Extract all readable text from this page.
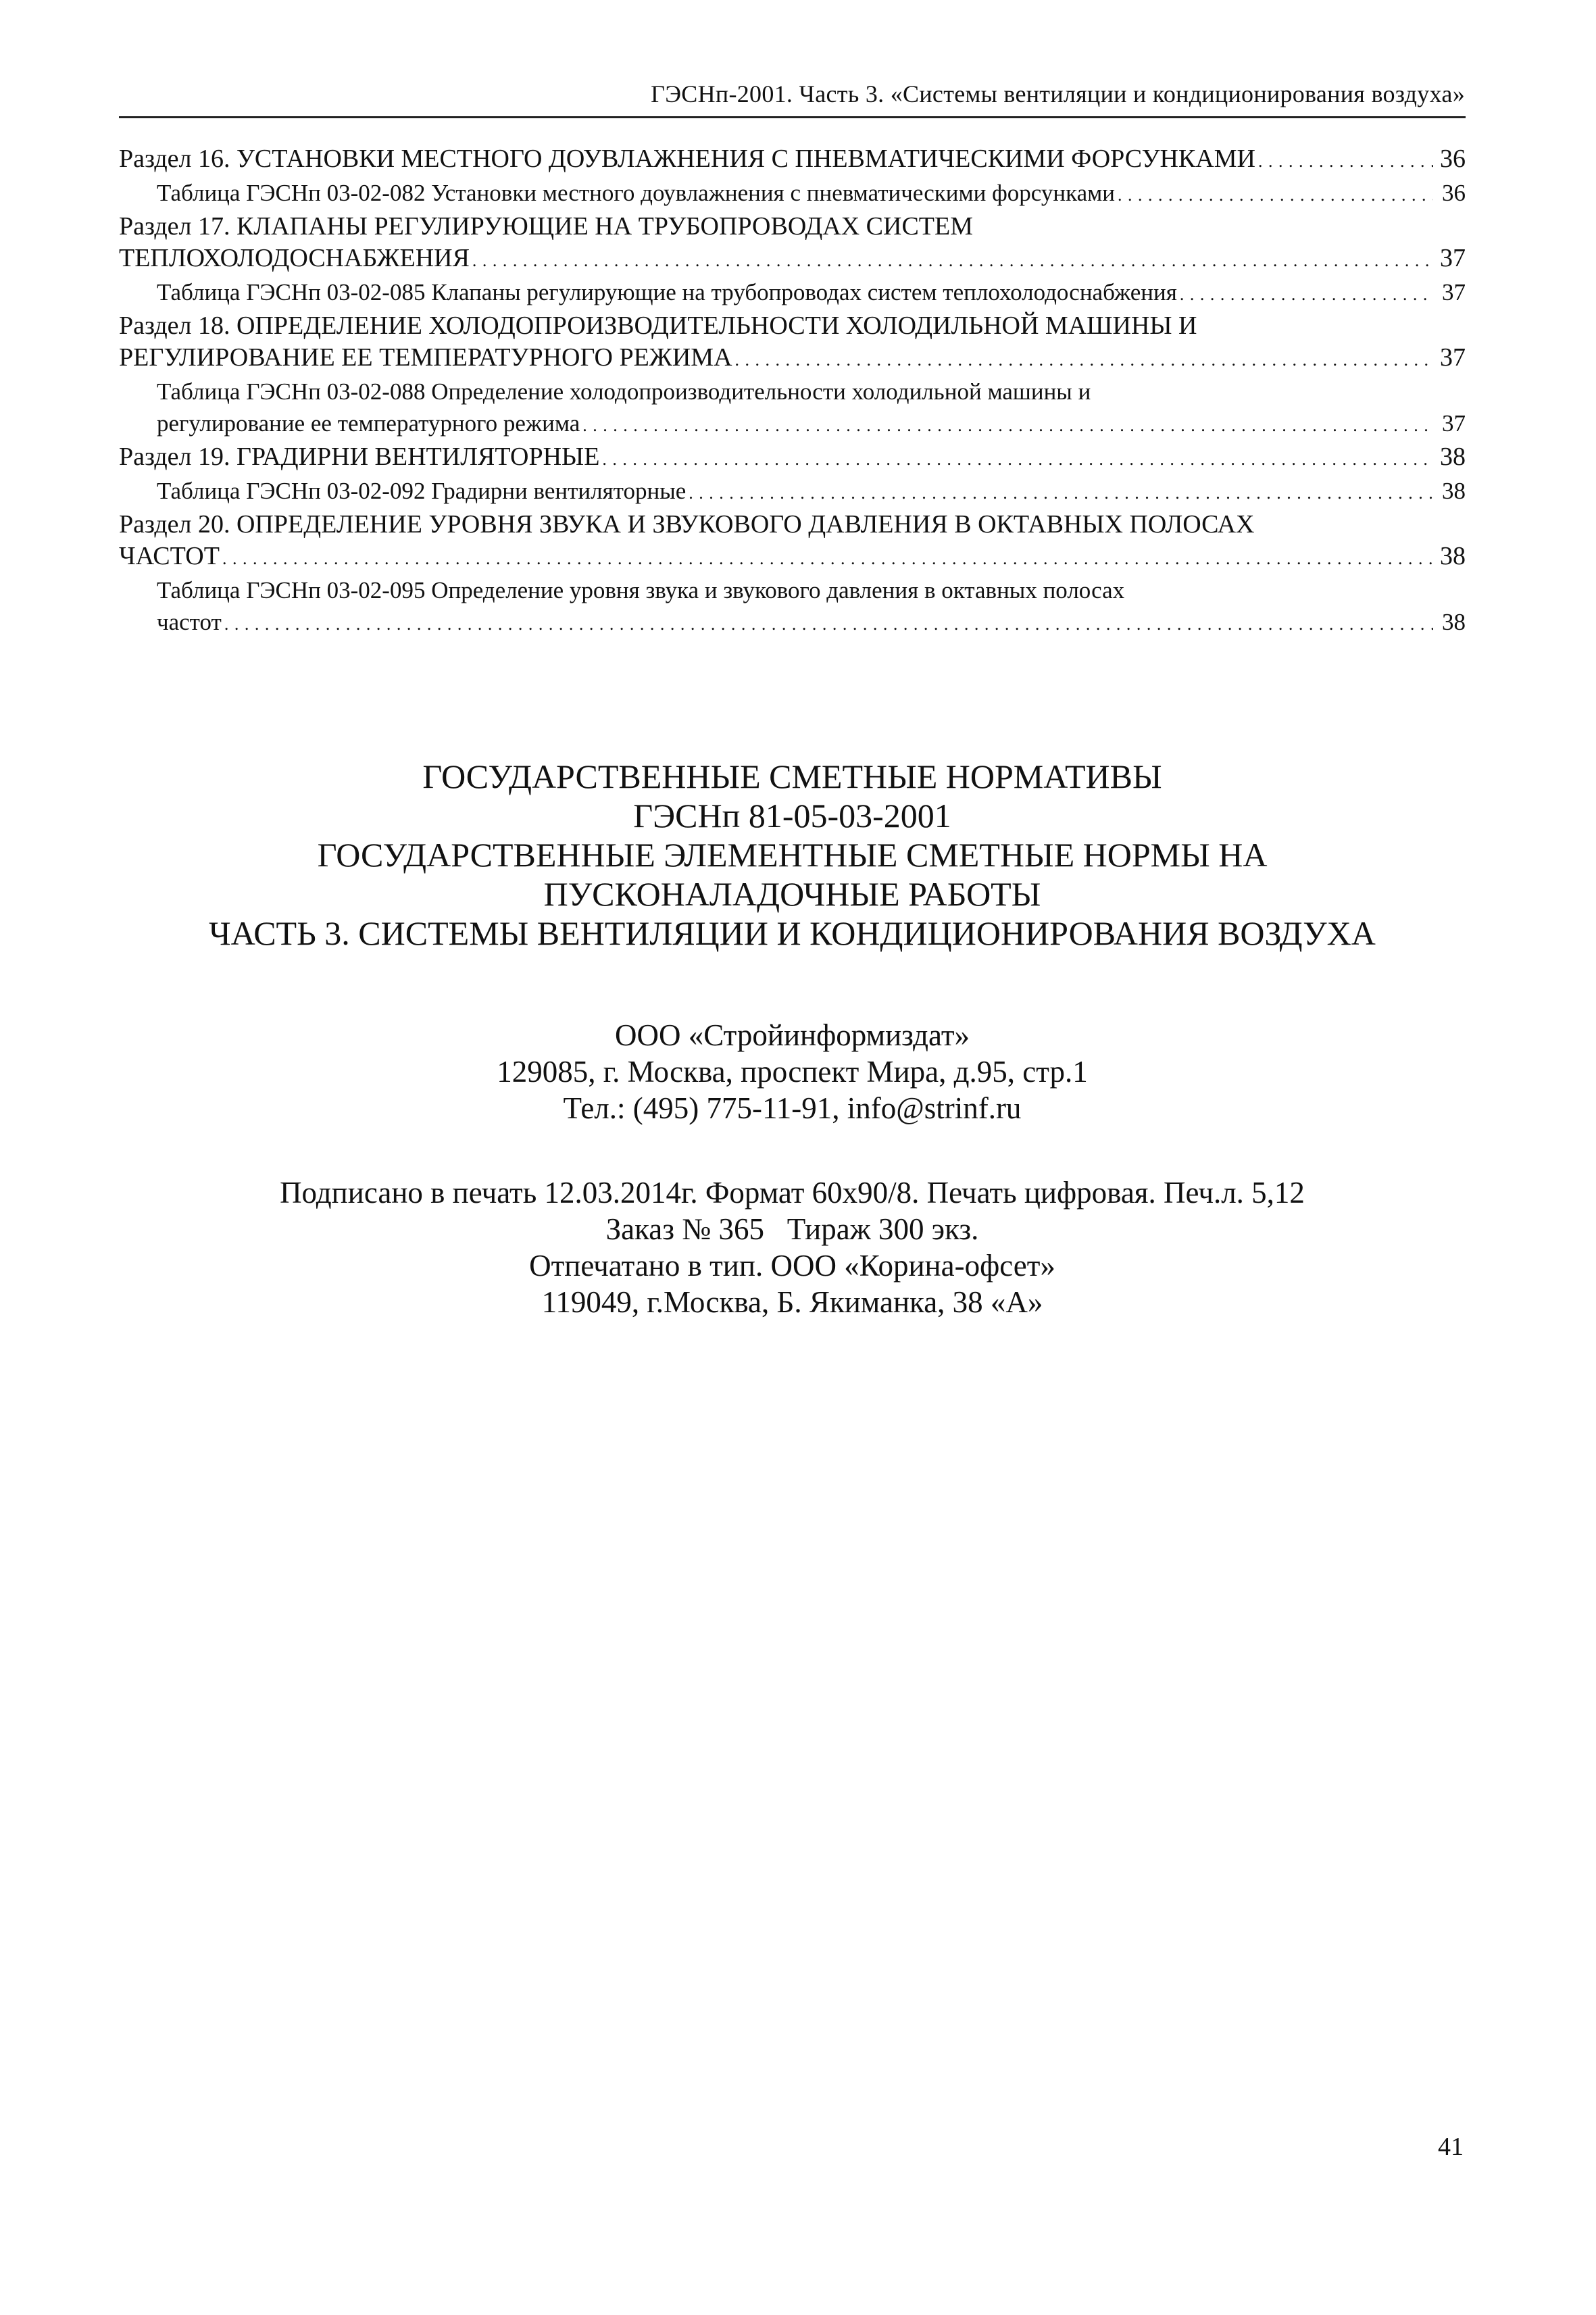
ГЭСНп-2001. Часть 3. «Системы вентиляции и кондиционирования воздуха»
Раздел 16. УСТАНОВКИ МЕСТНОГО ДОУВЛАЖНЕНИЯ С ПНЕВМАТИЧЕСКИМИ ФОРСУНКАМИ . . .	36
Таблица ГЭСНп 03-02-082 Установки местного доувлажнения с пневматическими форсунками . . .	36
Раздел 17. КЛАПАНЫ РЕГУЛИРУЮЩИЕ НА ТРУБОПРОВОДАХ СИСТЕМ
ТЕПЛОХОЛОДОСНАБЖЕНИЯ . . .	37
Таблица ГЭСНп 03-02-085 Клапаны регулирующие на трубопроводах систем теплохолодоснабжения . . .	37
Раздел 18. ОПРЕДЕЛЕНИЕ ХОЛОДОПРОИЗВОДИТЕЛЬНОСТИ ХОЛОДИЛЬНОЙ МАШИНЫ И
РЕГУЛИРОВАНИЕ ЕЕ ТЕМПЕРАТУРНОГО РЕЖИМА . . .	37
Таблица ГЭСНп 03-02-088 Определение холодопроизводительности холодильной машины и
регулирование ее температурного режима . . .	37
Раздел 19. ГРАДИРНИ ВЕНТИЛЯТОРНЫЕ . . .	38
Таблица ГЭСНп 03-02-092 Градирни вентиляторные . . .	38
Раздел 20. ОПРЕДЕЛЕНИЕ УРОВНЯ ЗВУКА И ЗВУКОВОГО ДАВЛЕНИЯ В ОКТАВНЫХ ПОЛОСАХ
ЧАСТОТ . . .	38
Таблица ГЭСНп 03-02-095 Определение уровня звука и звукового давления в октавных полосах
частот . . .	38
ГОСУДАРСТВЕННЫЕ СМЕТНЫЕ НОРМАТИВЫ
ГЭСНп 81-05-03-2001
ГОСУДАРСТВЕННЫЕ ЭЛЕМЕНТНЫЕ СМЕТНЫЕ НОРМЫ НА
ПУСКОНАЛАДОЧНЫЕ РАБОТЫ
ЧАСТЬ 3. СИСТЕМЫ ВЕНТИЛЯЦИИ И КОНДИЦИОНИРОВАНИЯ ВОЗДУХА
ООО «Стройинформиздат»
129085, г. Москва, проспект Мира, д.95, стр.1
Тел.: (495) 775-11-91, info@strinf.ru
Подписано в печать 12.03.2014г. Формат 60х90/8. Печать цифровая. Печ.л. 5,12
Заказ № 365   Тираж 300 экз.
Отпечатано в тип. ООО «Корина-офсет»
119049, г.Москва, Б. Якиманка, 38 «А»
41
